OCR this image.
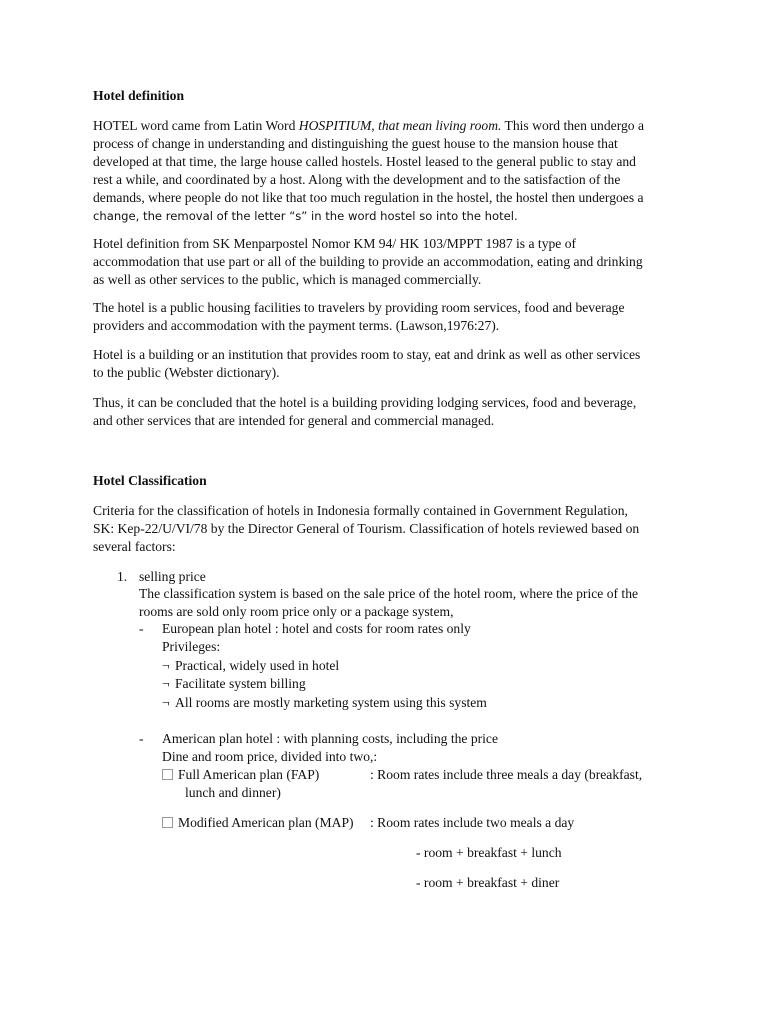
Hotel definition
HOTEL word came from Latin Word HOSPITIUM, that mean living room. This word then undergo a
process of change in understanding and distinguishing the guest house to the mansion house that
developed at that time, the large house called hostels. Hostel leased to the general public to stay and
rest a while, and coordinated by a host. Along with the development and to the satisfaction of the
demands, where people do not like that too much regulation in the hostel, the hostel then undergoes a
change, the removal of the letter “s” in the word hostel so into the hotel.
Hotel definition from SK Menparpostel Nomor KM 94/ HK 103/MPPT 1987 is a type of
accommodation that use part or all of the building to provide an accommodation, eating and drinking
as well as other services to the public, which is managed commercially.
The hotel is a public housing facilities to travelers by providing room services, food and beverage
providers and accommodation with the payment terms. (Lawson,1976:27).
Hotel is a building or an institution that provides room to stay, eat and drink as well as other services
to the public (Webster dictionary).
Thus, it can be concluded that the hotel is a building providing lodging services, food and beverage,
and other services that are intended for general and commercial managed.
Hotel Classification
Criteria for the classification of hotels in Indonesia formally contained in Government Regulation,
SK: Kep-22/U/VI/78 by the Director General of Tourism. Classification of hotels reviewed based on
several factors:
1. selling price
The classification system is based on the sale price of the hotel room, where the price of the
rooms are sold only room price only or a package system,
- European plan hotel : hotel and costs for room rates only
Privileges:
¬ Practical, widely used in hotel
¬ Facilitate system billing
¬ All rooms are mostly marketing system using this system
- American plan hotel : with planning costs, including the price
Dine and room price, divided into two,:
Full American plan (FAP)	: Room rates include three meals a day (breakfast,
lunch and dinner)
Modified American plan (MAP) : Room rates include two meals a day
- room + breakfast + lunch
- room + breakfast + diner
